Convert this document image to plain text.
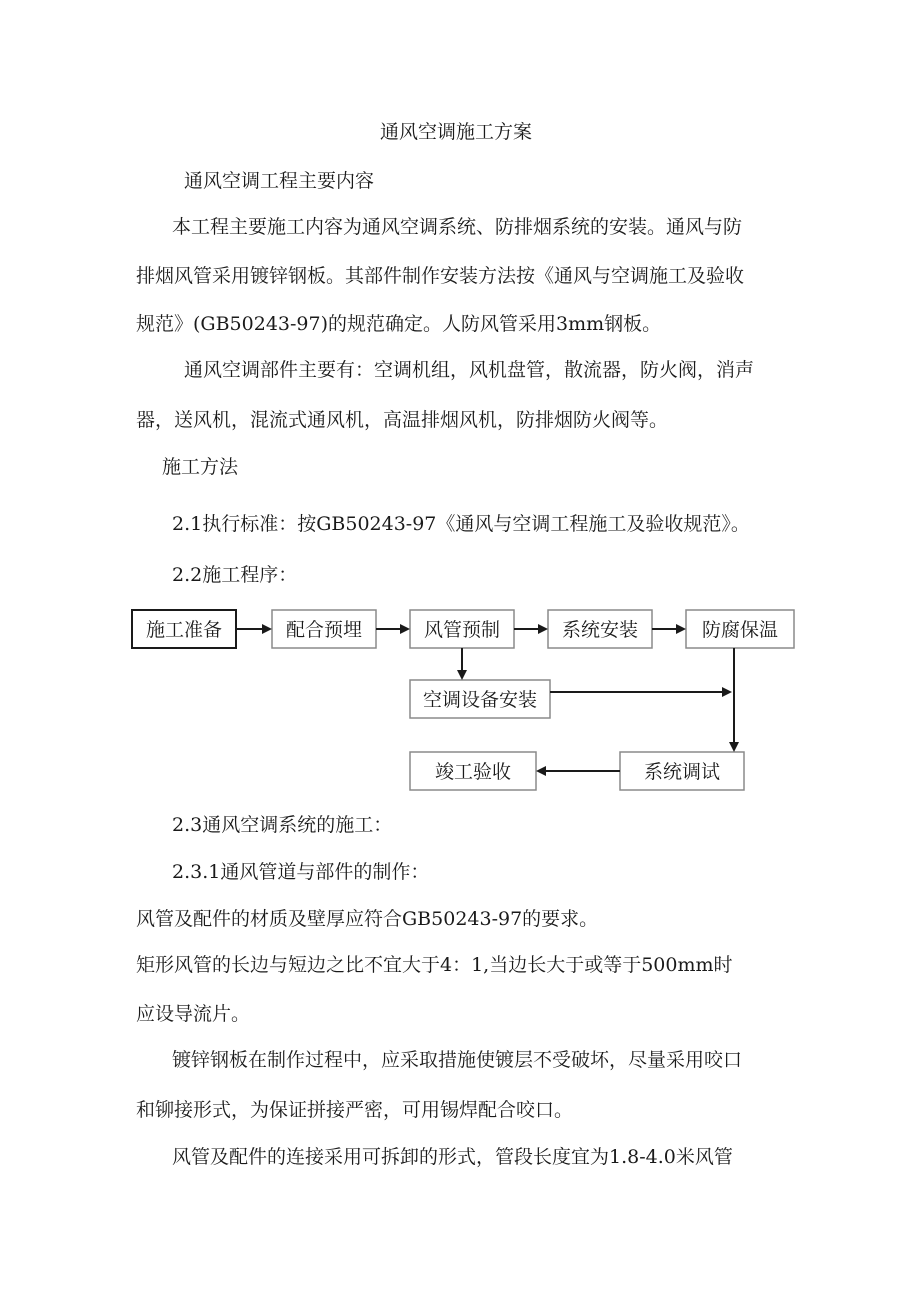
通风空调施工方案
通风空调工程主要内容
本工程主要施工内容为通风空调系统、防排烟系统的安装。通风与防
排烟风管采用镀锌钢板。其部件制作安装方法按《通风与空调施工及验收
规范》(GB50243-97)的规范确定。人防风管采用3mm钢板。
通风空调部件主要有：空调机组，风机盘管，散流器，防火阀，消声
器，送风机，混流式通风机，高温排烟风机，防排烟防火阀等。
施工方法
2.1执行标准：按GB50243-97《通风与空调工程施工及验收规范》。
2.2施工程序：
施工准备	配合预埋	风管预制	系统安装	防腐保温
空调设备安装
系统调试
竣工验收
2.3通风空调系统的施工：
2.3.1通风管道与部件的制作：
风管及配件的材质及壁厚应符合GB50243-97的要求。
矩形风管的长边与短边之比不宜大于4：1,当边长大于或等于500mm时
应设导流片。
镀锌钢板在制作过程中，应采取措施使镀层不受破坏，尽量采用咬口
和铆接形式，为保证拼接严密，可用锡焊配合咬口。
风管及配件的连接采用可拆卸的形式，管段长度宜为1.8-4.0米风管
